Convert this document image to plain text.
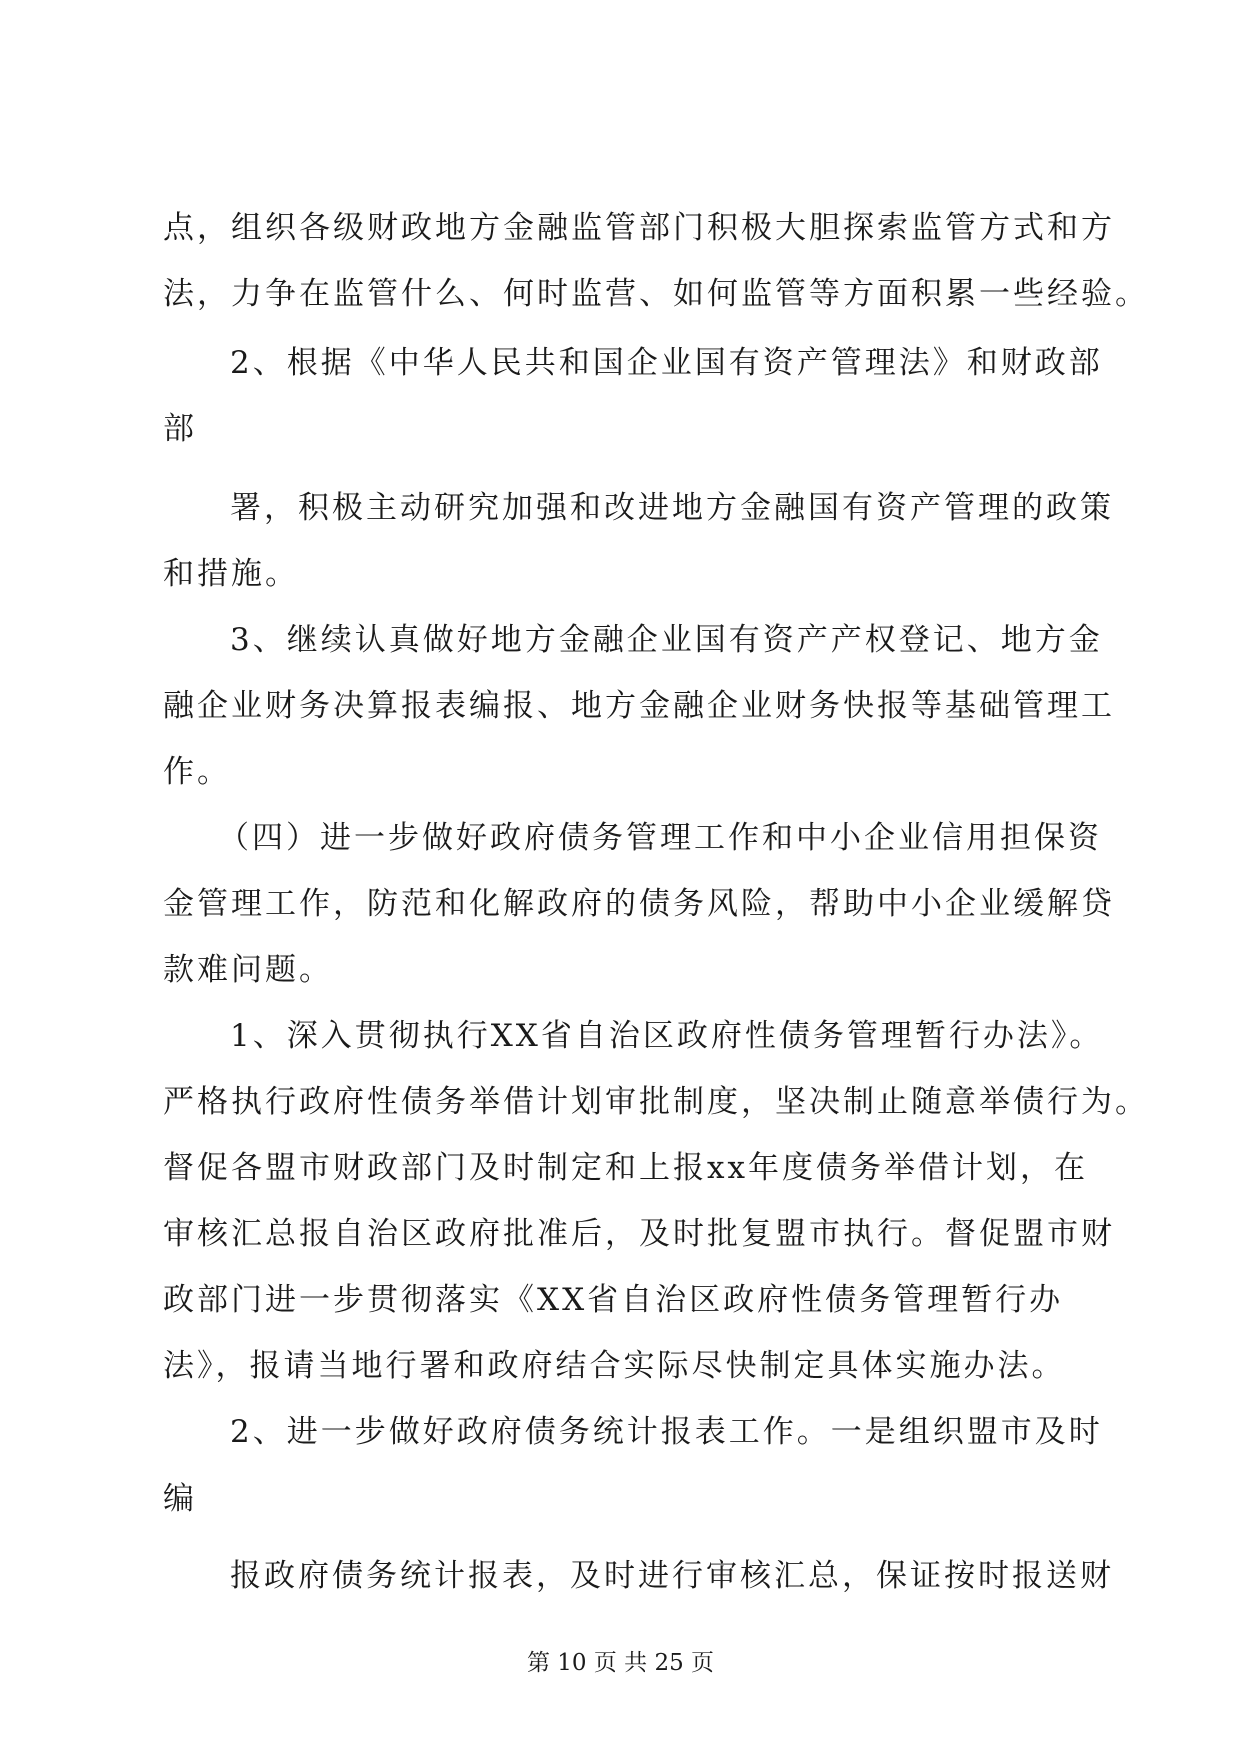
点，组织各级财政地方金融监管部门积极大胆探索监管方式和方
法，力争在监管什么、何时监营、如何监管等方面积累一些经验。
2、根据《中华人民共和国企业国有资产管理法》和财政部
部
署，积极主动研究加强和改进地方金融国有资产管理的政策
和措施。
3、继续认真做好地方金融企业国有资产产权登记、地方金
融企业财务决算报表编报、地方金融企业财务快报等基础管理工
作。
（四）进一步做好政府债务管理工作和中小企业信用担保资
金管理工作，防范和化解政府的债务风险，帮助中小企业缓解贷
款难问题。
1、深入贯彻执行XX省自治区政府性债务管理暂行办法》。
严格执行政府性债务举借计划审批制度，坚决制止随意举债行为。
督促各盟市财政部门及时制定和上报xx年度债务举借计划，在
审核汇总报自治区政府批准后，及时批复盟市执行。督促盟市财
政部门进一步贯彻落实《XX省自治区政府性债务管理暂行办
法》，报请当地行署和政府结合实际尽快制定具体实施办法。
2、进一步做好政府债务统计报表工作。一是组织盟市及时
编
报政府债务统计报表，及时进行审核汇总，保证按时报送财
第 10 页 共 25 页
